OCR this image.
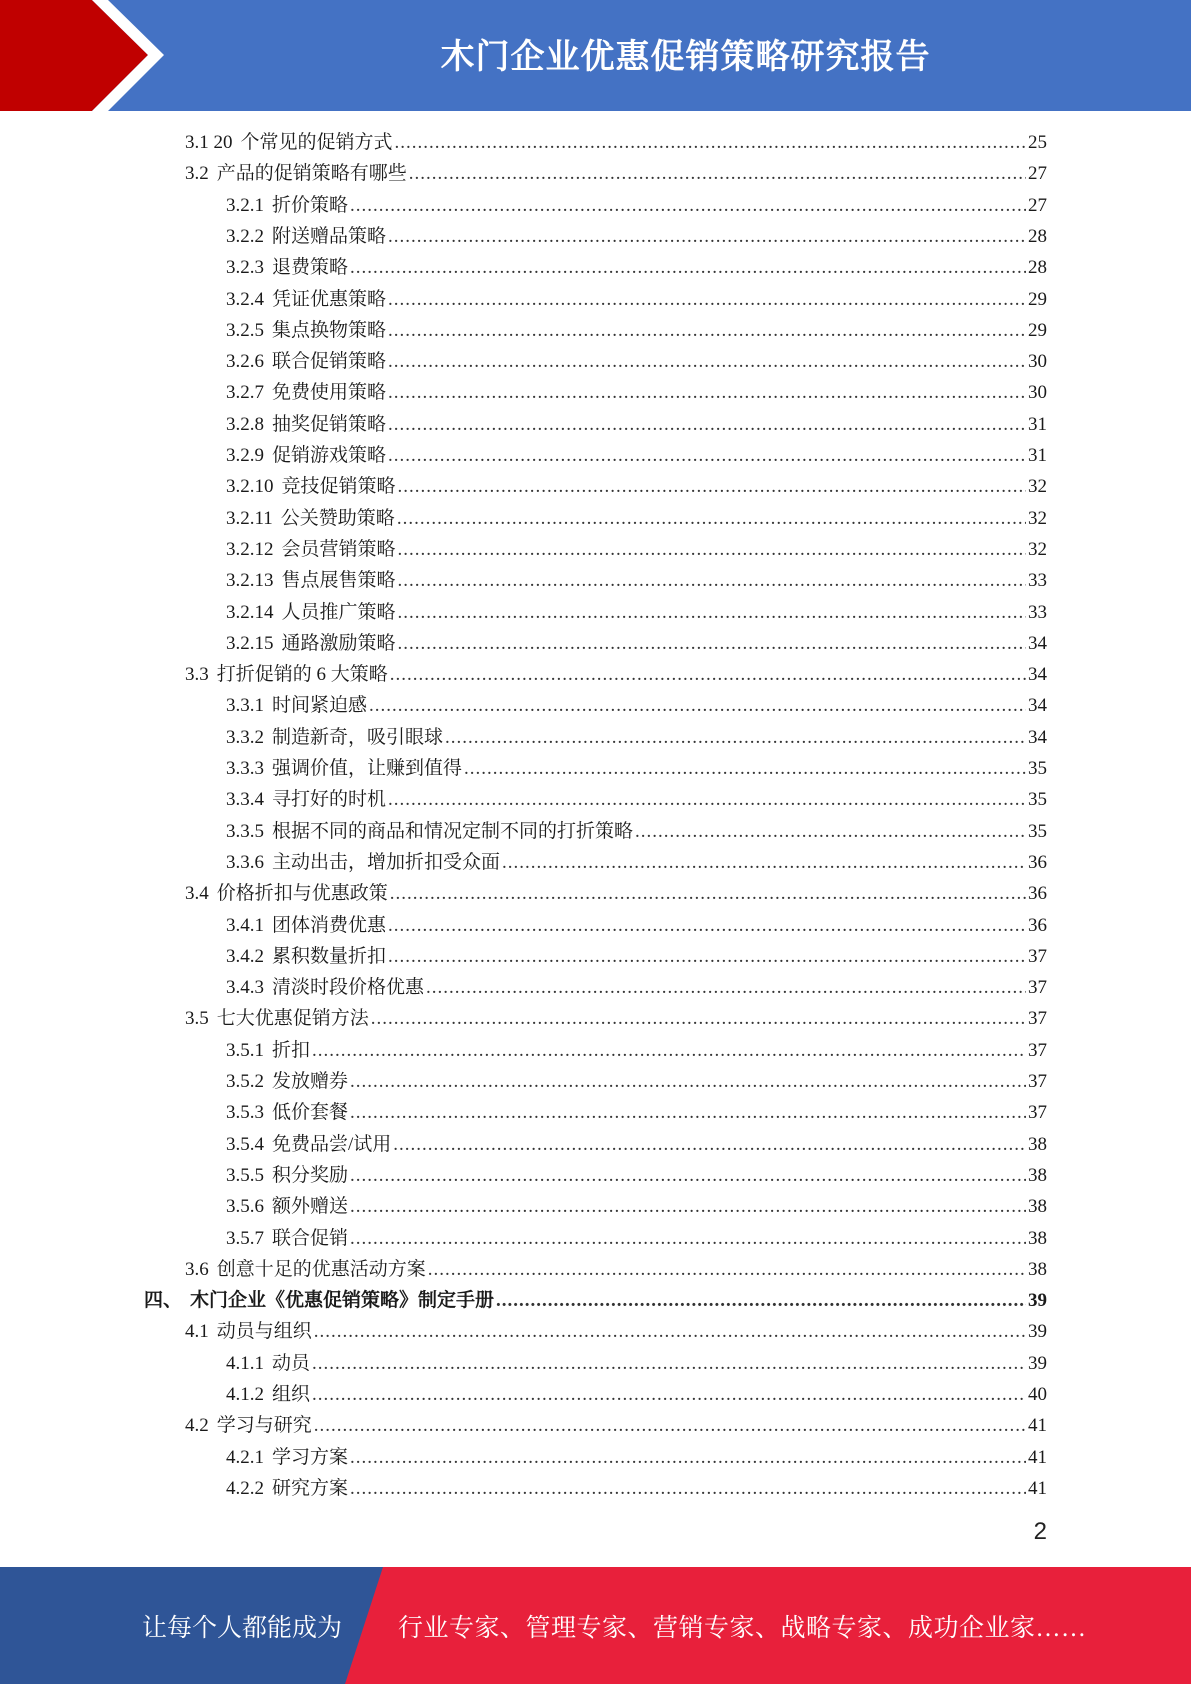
木门企业优惠促销策略研究报告
3.1 20 个常见的促销方式 .....	25
3.2 产品的促销策略有哪些 .....	27
3.2.1 折价策略 .....	27
3.2.2 附送赠品策略 .....	28
3.2.3 退费策略 .....	28
3.2.4 凭证优惠策略 .....	29
3.2.5 集点换物策略 .....	29
3.2.6 联合促销策略 .....	30
3.2.7 免费使用策略 .....	30
3.2.8 抽奖促销策略 .....	31
3.2.9 促销游戏策略 .....	31
3.2.10 竞技促销策略 .....	32
3.2.11 公关赞助策略 .....	32
3.2.12 会员营销策略 .....	32
3.2.13 售点展售策略 .....	33
3.2.14 人员推广策略 .....	33
3.2.15 通路激励策略 .....	34
3.3 打折促销的 6 大策略 .....	34
3.3.1 时间紧迫感 .....	34
3.3.2 制造新奇，吸引眼球 .....	34
3.3.3 强调价值，让赚到值得 .....	35
3.3.4 寻打好的时机 .....	35
3.3.5 根据不同的商品和情况定制不同的打折策略 .....	35
3.3.6 主动出击，增加折扣受众面 .....	36
3.4 价格折扣与优惠政策 .....	36
3.4.1 团体消费优惠 .....	36
3.4.2 累积数量折扣 .....	37
3.4.3 清淡时段价格优惠 .....	37
3.5 七大优惠促销方法 .....	37
3.5.1 折扣 .....	37
3.5.2 发放赠券 .....	37
3.5.3 低价套餐 .....	37
3.5.4 免费品尝/试用 .....	38
3.5.5 积分奖励 .....	38
3.5.6 额外赠送 .....	38
3.5.7 联合促销 .....	38
3.6 创意十足的优惠活动方案 .....	38
四、 木门企业《优惠促销策略》制定手册 .....	39
4.1 动员与组织 .....	39
4.1.1 动员 .....	39
4.1.2 组织 .....	40
4.2 学习与研究 .....	41
4.2.1 学习方案 .....	41
4.2.2 研究方案 .....	41
2
让每个人都能成为 行业专家、管理专家、营销专家、战略专家、成功企业家……
